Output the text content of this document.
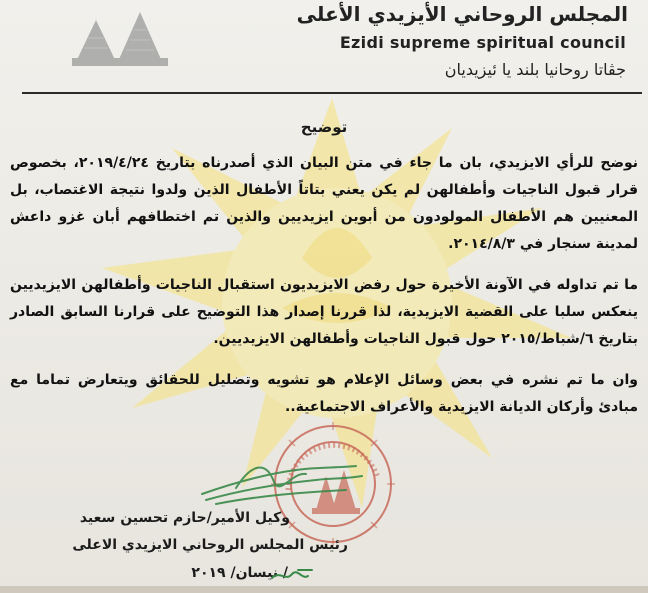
المجلس الروحاني الأيزيدي الأعلى
Ezidi supreme spiritual council
جڤاتا روحانیا بلند یا ئیزیدیان
توضيح

نوضح للرأي الايزيدي، بان ما جاء في متن البيان الذي أصدرناه بتاريخ ٢٠١٩/٤/٢٤، بخصوص قرار قبول الناجيات وأطفالهن لم يكن يعني بتاتاً الأطفال الذين ولدوا نتيجة الاغتصاب، بل المعنيين هم الأطفال المولودون من أبوين ايزيديين والذين تم اختطافهم أبان غزو داعش لمدينة سنجار في ٢٠١٤/٨/٣.

ما تم تداوله في الآونة الأخيرة حول رفض الايزيديون استقبال الناجيات وأطفالهن الايزيديين ينعكس سلبا على القضية الايزيدية، لذا قررنا إصدار هذا التوضيح على قرارنا السابق الصادر بتاريخ ٦/شباط/٢٠١٥ حول قبول الناجيات وأطفالهن الايزيديين.

وان ما تم نشره في بعض وسائل الإعلام هو تشويه وتضليل للحقائق ويتعارض تماما مع مبادئ وأركان الديانة الايزيدية والأعراف الاجتماعية..

وكيل الأمير/حازم تحسين سعيد
رئيس المجلس الروحاني الايزيدي الاعلى
/ نيسان/ ٢٠١٩
